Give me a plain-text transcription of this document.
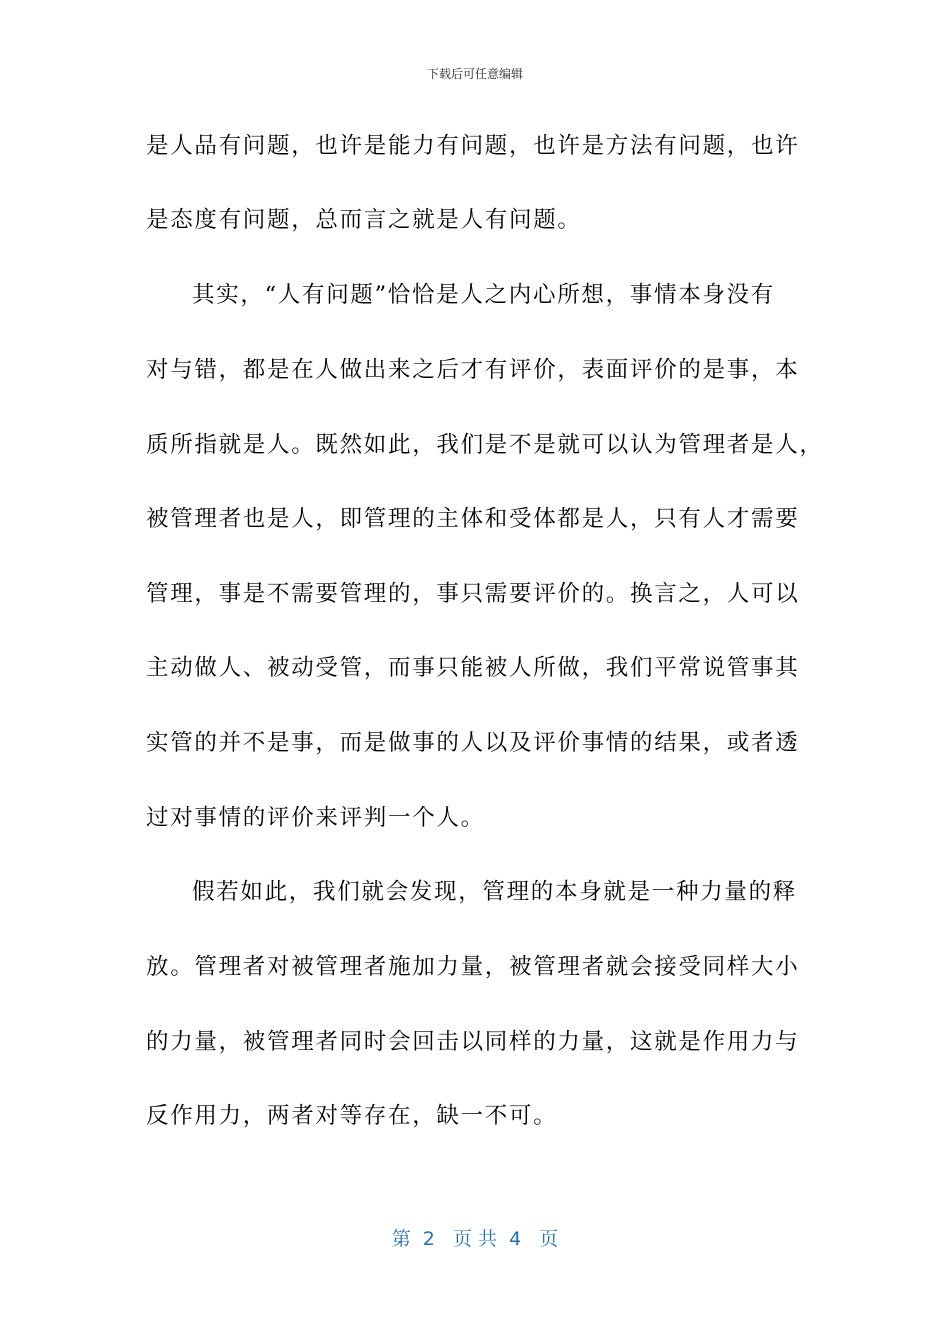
下载后可任意编辑
是人品有问题，也许是能力有问题，也许是方法有问题，也许
是态度有问题，总而言之就是人有问题。
其实，“人有问题”恰恰是人之内心所想，事情本身没有
对与错，都是在人做出来之后才有评价，表面评价的是事，本
质所指就是人。既然如此，我们是不是就可以认为管理者是人，
被管理者也是人，即管理的主体和受体都是人，只有人才需要
管理，事是不需要管理的，事只需要评价的。换言之，人可以
主动做人、被动受管，而事只能被人所做，我们平常说管事其
实管的并不是事，而是做事的人以及评价事情的结果，或者透
过对事情的评价来评判一个人。
假若如此，我们就会发现，管理的本身就是一种力量的释
放。管理者对被管理者施加力量，被管理者就会接受同样大小
的力量，被管理者同时会回击以同样的力量，这就是作用力与
反作用力，两者对等存在，缺一不可。
第  2   页 共  4   页
